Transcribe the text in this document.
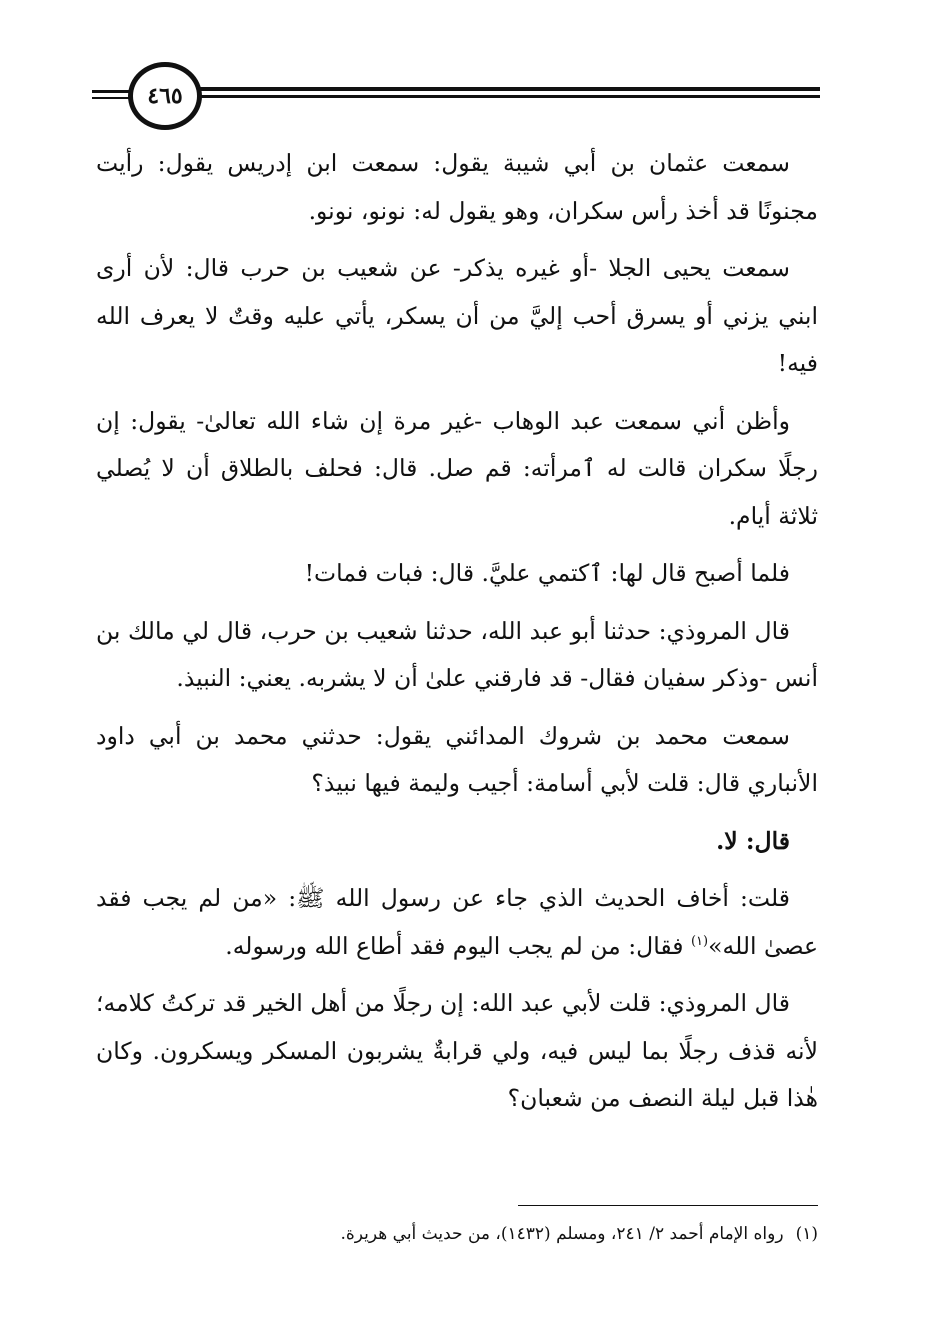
٤٦٥

سمعت عثمان بن أبي شيبة يقول: سمعت ابن إدريس يقول: رأيت مجنونًا قد أخذ رأس سكران، وهو يقول له: نونو، نونو.

سمعت يحيى الجلا -أو غيره يذكر- عن شعيب بن حرب قال: لأن أرى ابني يزني أو يسرق أحب إليَّ من أن يسكر، يأتي عليه وقتٌ لا يعرف الله فيه!

وأظن أني سمعت عبد الوهاب -غير مرة إن شاء الله تعالىٰ- يقول: إن رجلًا سكران قالت له ٱمرأته: قم صل. قال: فحلف بالطلاق أن لا يُصلي ثلاثة أيام.

فلما أصبح قال لها: ٱكتمي عليَّ. قال: فبات فمات!

قال المروذي: حدثنا أبو عبد الله، حدثنا شعيب بن حرب، قال لي مالك بن أنس -وذكر سفيان فقال- قد فارقني علىٰ أن لا يشربه. يعني: النبيذ.

سمعت محمد بن شروك المدائني يقول: حدثني محمد بن أبي داود الأنباري قال: قلت لأبي أسامة: أجيب وليمة فيها نبيذ؟

قال: لا.

قلت: أخاف الحديث الذي جاء عن رسول الله ﷺ: «من لم يجب فقد عصىٰ الله»$^{(١)}$ فقال: من لم يجب اليوم فقد أطاع الله ورسوله.

قال المروذي: قلت لأبي عبد الله: إن رجلًا من أهل الخير قد تركتُ كلامه؛ لأنه قذف رجلًا بما ليس فيه، ولي قرابةٌ يشربون المسكر ويسكرون. وكان هٰذا قبل ليلة النصف من شعبان؟

(١)رواه الإمام أحمد ٢/ ٢٤١، ومسلم (١٤٣٢)، من حديث أبي هريرة.
